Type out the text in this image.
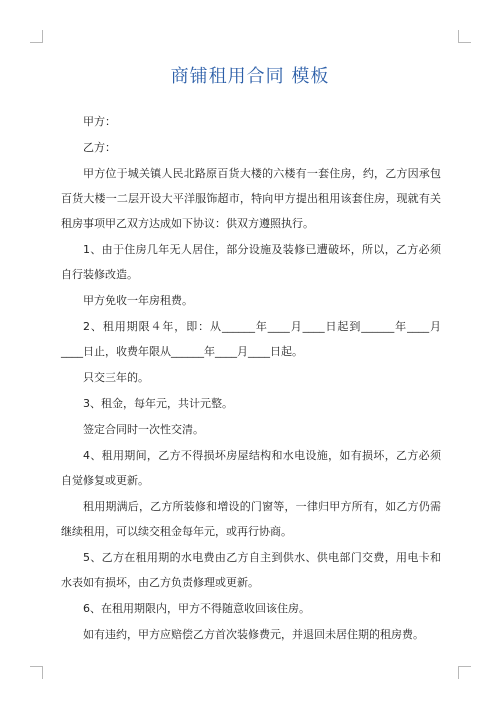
商铺租用合同 模板

甲方：

乙方：

甲方位于城关镇人民北路原百货大楼的六楼有一套住房，约，乙方因承包百货大楼一二层开设大平洋服饰超市，特向甲方提出租用该套住房，现就有关租房事项甲乙双方达成如下协议：供双方遵照执行。

1、由于住房几年无人居住，部分设施及装修已遭破坏，所以，乙方必须自行装修改造。

甲方免收一年房租费。

2、租用期限４年，即：从______年____月____日起到______年____月____日止，收费年限从______年____月____日起。

只交三年的。

3、租金，每年元，共计元整。

签定合同时一次性交清。

4、租用期间，乙方不得损坏房屋结构和水电设施，如有损坏，乙方必须自觉修复或更新。

租用期满后，乙方所装修和增设的门窗等，一律归甲方所有，如乙方仍需继续租用，可以续交租金每年元，或再行协商。

5、乙方在租用期的水电费由乙方自主到供水、供电部门交费，用电卡和水表如有损坏，由乙方负责修理或更新。

6、在租用期限内，甲方不得随意收回该住房。

如有违约，甲方应赔偿乙方首次装修费元，并退回未居住期的租房费。
